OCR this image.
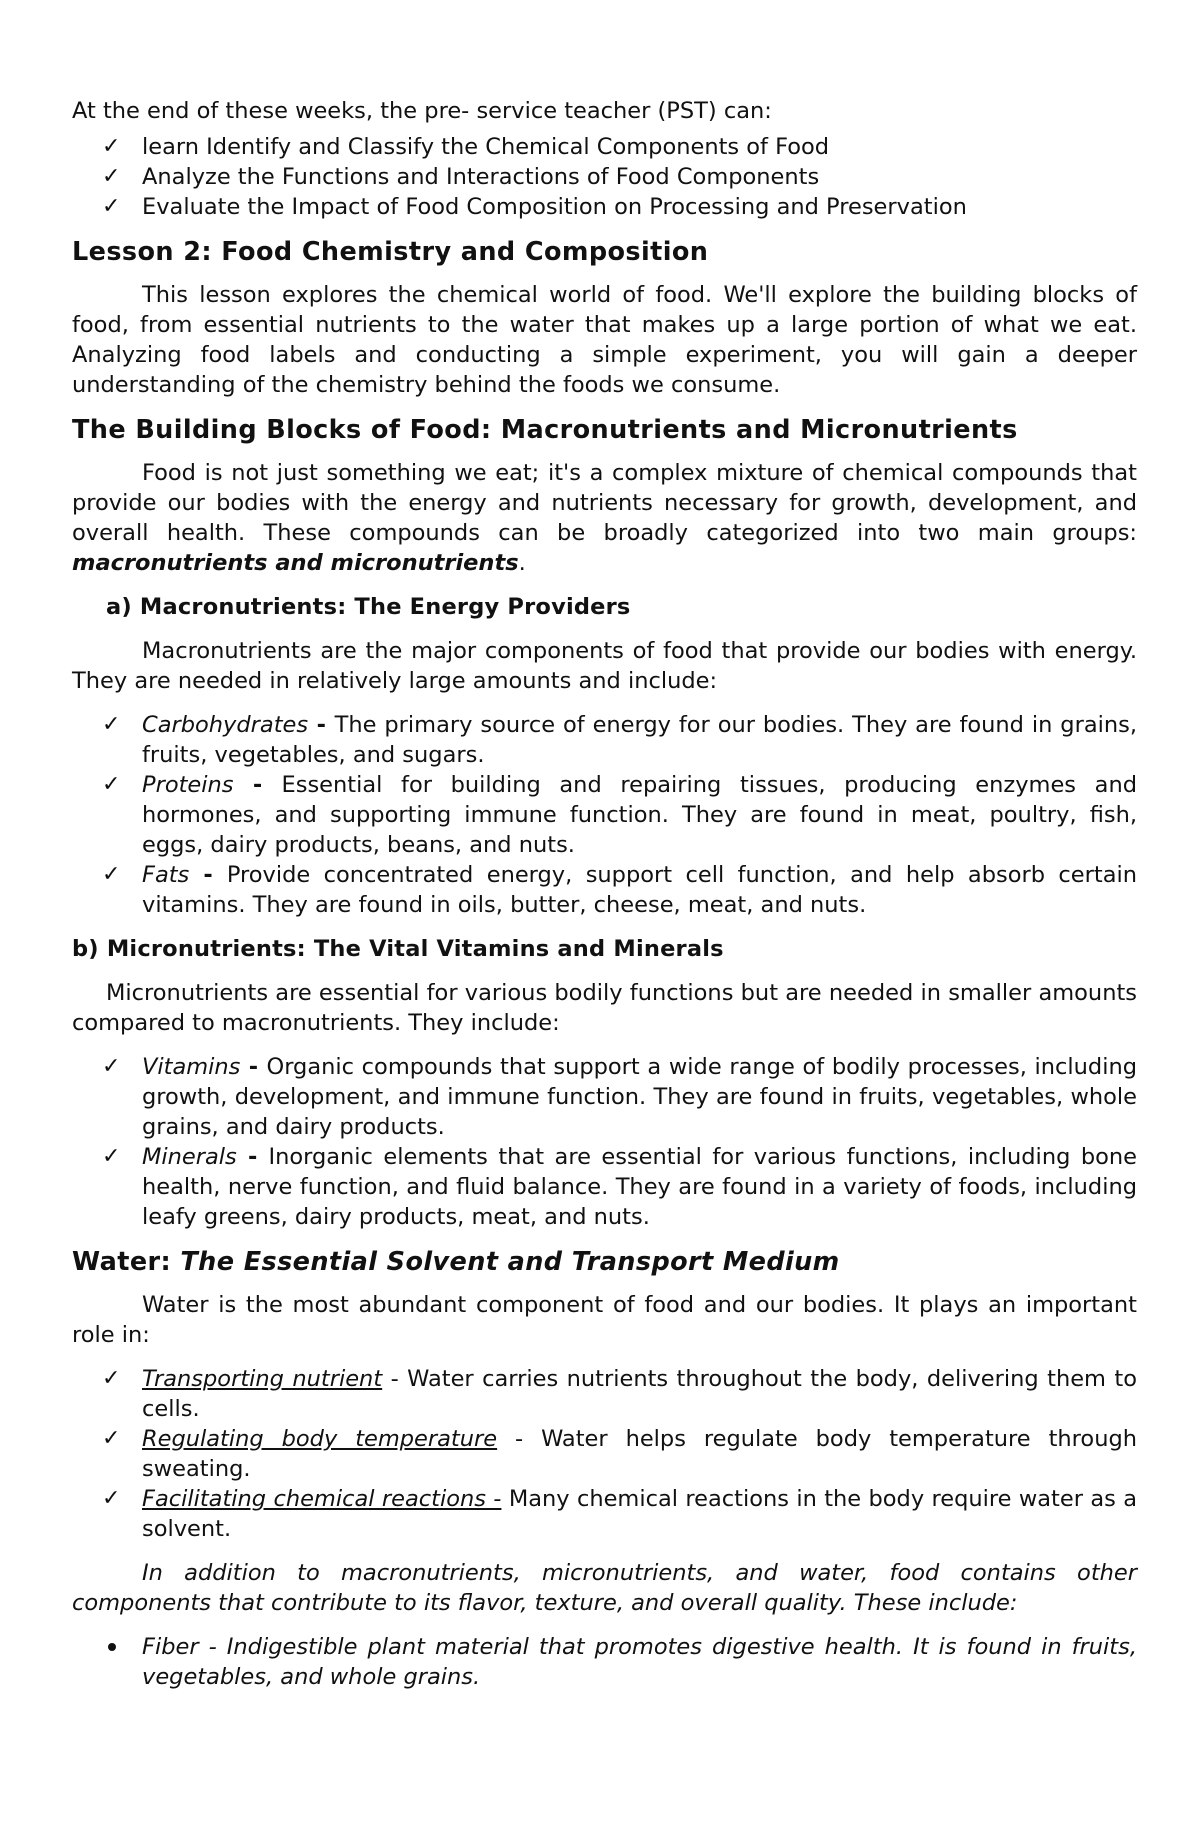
At the end of these weeks, the pre- service teacher (PST) can:

✓ learn Identify and Classify the Chemical Components of Food
✓ Analyze the Functions and Interactions of Food Components
✓ Evaluate the Impact of Food Composition on Processing and Preservation
Lesson 2: Food Chemistry and Composition

This lesson explores the chemical world of food. We'll explore the building blocks of food, from essential nutrients to the water that makes up a large portion of what we eat. Analyzing food labels and conducting a simple experiment, you will gain a deeper understanding of the chemistry behind the foods we consume.

The Building Blocks of Food: Macronutrients and Micronutrients

Food is not just something we eat; it's a complex mixture of chemical compounds that provide our bodies with the energy and nutrients necessary for growth, development, and overall health. These compounds can be broadly categorized into two main groups: macronutrients and micronutrients.

a) Macronutrients: The Energy Providers

Macronutrients are the major components of food that provide our bodies with energy. They are needed in relatively large amounts and include:

✓ Carbohydrates - The primary source of energy for our bodies. They are found in grains, fruits, vegetables, and sugars.
✓ Proteins - Essential for building and repairing tissues, producing enzymes and hormones, and supporting immune function. They are found in meat, poultry, fish, eggs, dairy products, beans, and nuts.
✓ Fats - Provide concentrated energy, support cell function, and help absorb certain vitamins. They are found in oils, butter, cheese, meat, and nuts.
b) Micronutrients: The Vital Vitamins and Minerals

Micronutrients are essential for various bodily functions but are needed in smaller amounts compared to macronutrients. They include:

✓ Vitamins - Organic compounds that support a wide range of bodily processes, including growth, development, and immune function. They are found in fruits, vegetables, whole grains, and dairy products.
✓ Minerals - Inorganic elements that are essential for various functions, including bone health, nerve function, and fluid balance. They are found in a variety of foods, including leafy greens, dairy products, meat, and nuts.
Water: The Essential Solvent and Transport Medium

Water is the most abundant component of food and our bodies. It plays an important role in:

✓ Transporting nutrient - Water carries nutrients throughout the body, delivering them to cells.
✓ Regulating body temperature - Water helps regulate body temperature through sweating.
✓ Facilitating chemical reactions - Many chemical reactions in the body require water as a solvent.

In addition to macronutrients, micronutrients, and water, food contains other components that contribute to its flavor, texture, and overall quality. These include:

Fiber - Indigestible plant material that promotes digestive health. It is found in fruits, vegetables, and whole grains.
